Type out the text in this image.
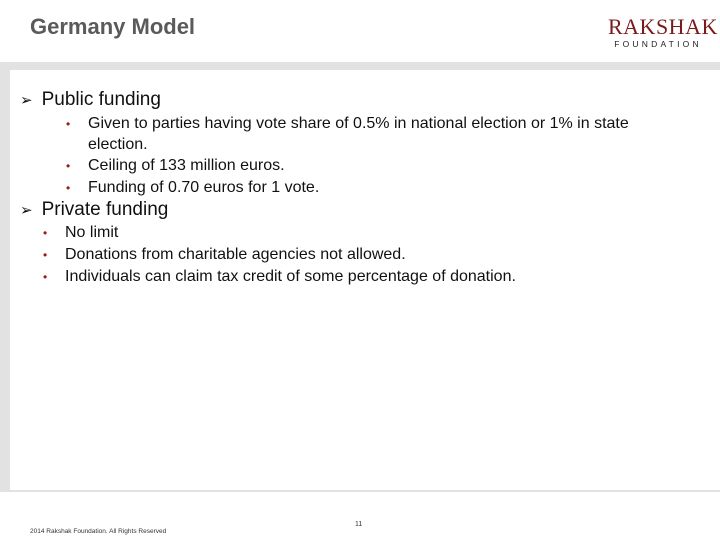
Germany Model	RAKSHAK
FOUNDATION
➢ Public funding
•	Given to parties having vote share of 0.5% in national election or 1% in state election.
•	Ceiling of 133 million euros.
•	Funding of 0.70 euros for 1 vote.
➢ Private funding
•	No limit
•	Donations from charitable agencies not allowed.
•	Individuals can claim tax credit of some percentage of donation.
2014 Rakshak Foundation. All Rights Reserved
11
